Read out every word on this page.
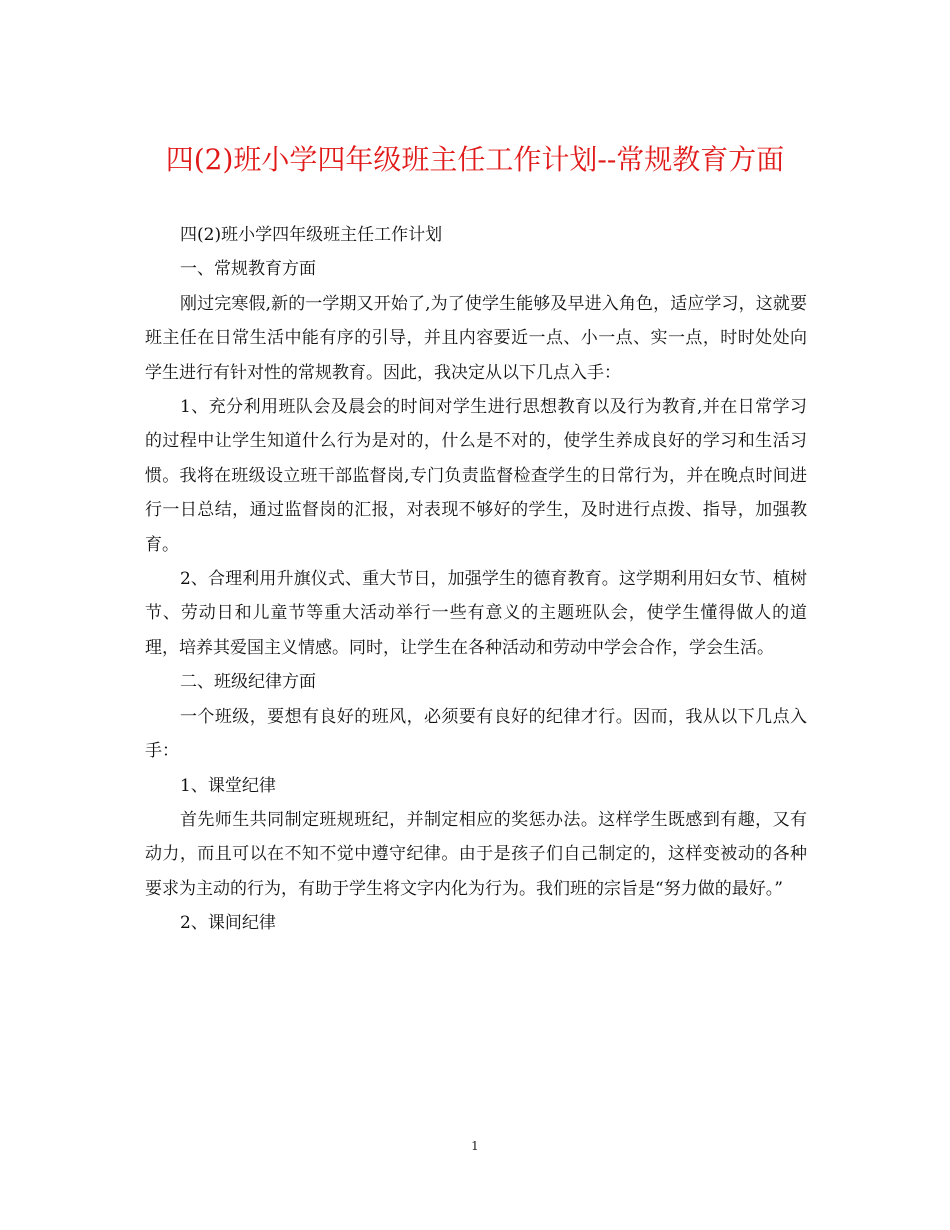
四(2)班小学四年级班主任工作计划--常规教育方面

四(2)班小学四年级班主任工作计划

一、常规教育方面

刚过完寒假,新的一学期又开始了,为了使学生能够及早进入角色，适应学习，这就要班主任在日常生活中能有序的引导，并且内容要近一点、小一点、实一点，时时处处向学生进行有针对性的常规教育。因此，我决定从以下几点入手：

1、充分利用班队会及晨会的时间对学生进行思想教育以及行为教育,并在日常学习的过程中让学生知道什么行为是对的，什么是不对的，使学生养成良好的学习和生活习惯。我将在班级设立班干部监督岗,专门负责监督检查学生的日常行为，并在晚点时间进行一日总结，通过监督岗的汇报，对表现不够好的学生，及时进行点拨、指导，加强教育。

2、合理利用升旗仪式、重大节日，加强学生的德育教育。这学期利用妇女节、植树节、劳动日和儿童节等重大活动举行一些有意义的主题班队会，使学生懂得做人的道理，培养其爱国主义情感。同时，让学生在各种活动和劳动中学会合作，学会生活。

二、班级纪律方面

一个班级，要想有良好的班风，必须要有良好的纪律才行。因而，我从以下几点入手：

1、课堂纪律

首先师生共同制定班规班纪，并制定相应的奖惩办法。这样学生既感到有趣，又有动力，而且可以在不知不觉中遵守纪律。由于是孩子们自己制定的，这样变被动的各种要求为主动的行为，有助于学生将文字内化为行为。我们班的宗旨是“努力做的最好。”

2、课间纪律

1
